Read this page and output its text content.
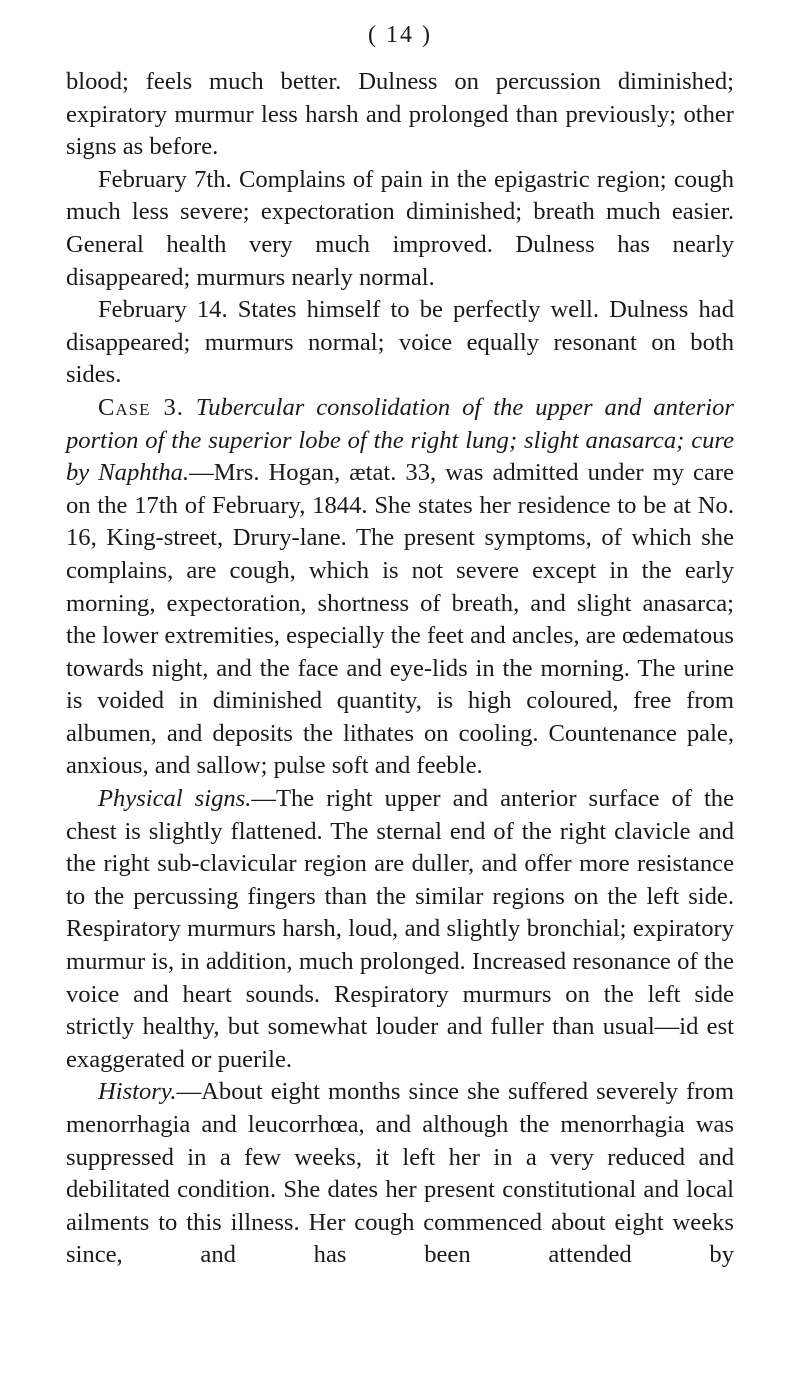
( 14 )

blood; feels much better. Dulness on percussion diminished; expiratory murmur less harsh and prolonged than previously; other signs as before.

February 7th. Complains of pain in the epigastric region; cough much less severe; expectoration diminished; breath much easier. General health very much improved. Dulness has nearly disappeared; murmurs nearly normal.

February 14. States himself to be perfectly well. Dulness had disappeared; murmurs normal; voice equally resonant on both sides.

Case 3. Tubercular consolidation of the upper and anterior portion of the superior lobe of the right lung; slight anasarca; cure by Naphtha.—Mrs. Hogan, ætat. 33, was admitted under my care on the 17th of February, 1844. She states her residence to be at No. 16, King-street, Drury-lane. The present symptoms, of which she complains, are cough, which is not severe except in the early morning, expectoration, shortness of breath, and slight anasarca; the lower extremities, especially the feet and ancles, are œdematous towards night, and the face and eye-lids in the morning. The urine is voided in diminished quantity, is high coloured, free from albumen, and deposits the lithates on cooling. Countenance pale, anxious, and sallow; pulse soft and feeble.

Physical signs.—The right upper and anterior surface of the chest is slightly flattened. The sternal end of the right clavicle and the right sub-clavicular region are duller, and offer more resistance to the percussing fingers than the similar regions on the left side. Respiratory murmurs harsh, loud, and slightly bronchial; expiratory murmur is, in addition, much prolonged. Increased resonance of the voice and heart sounds. Respiratory murmurs on the left side strictly healthy, but somewhat louder and fuller than usual—id est exaggerated or puerile.

History.—About eight months since she suffered severely from menorrhagia and leucorrhœa, and although the menorrhagia was suppressed in a few weeks, it left her in a very reduced and debilitated condition. She dates her present constitutional and local ailments to this illness. Her cough commenced about eight weeks since, and has been attended by
